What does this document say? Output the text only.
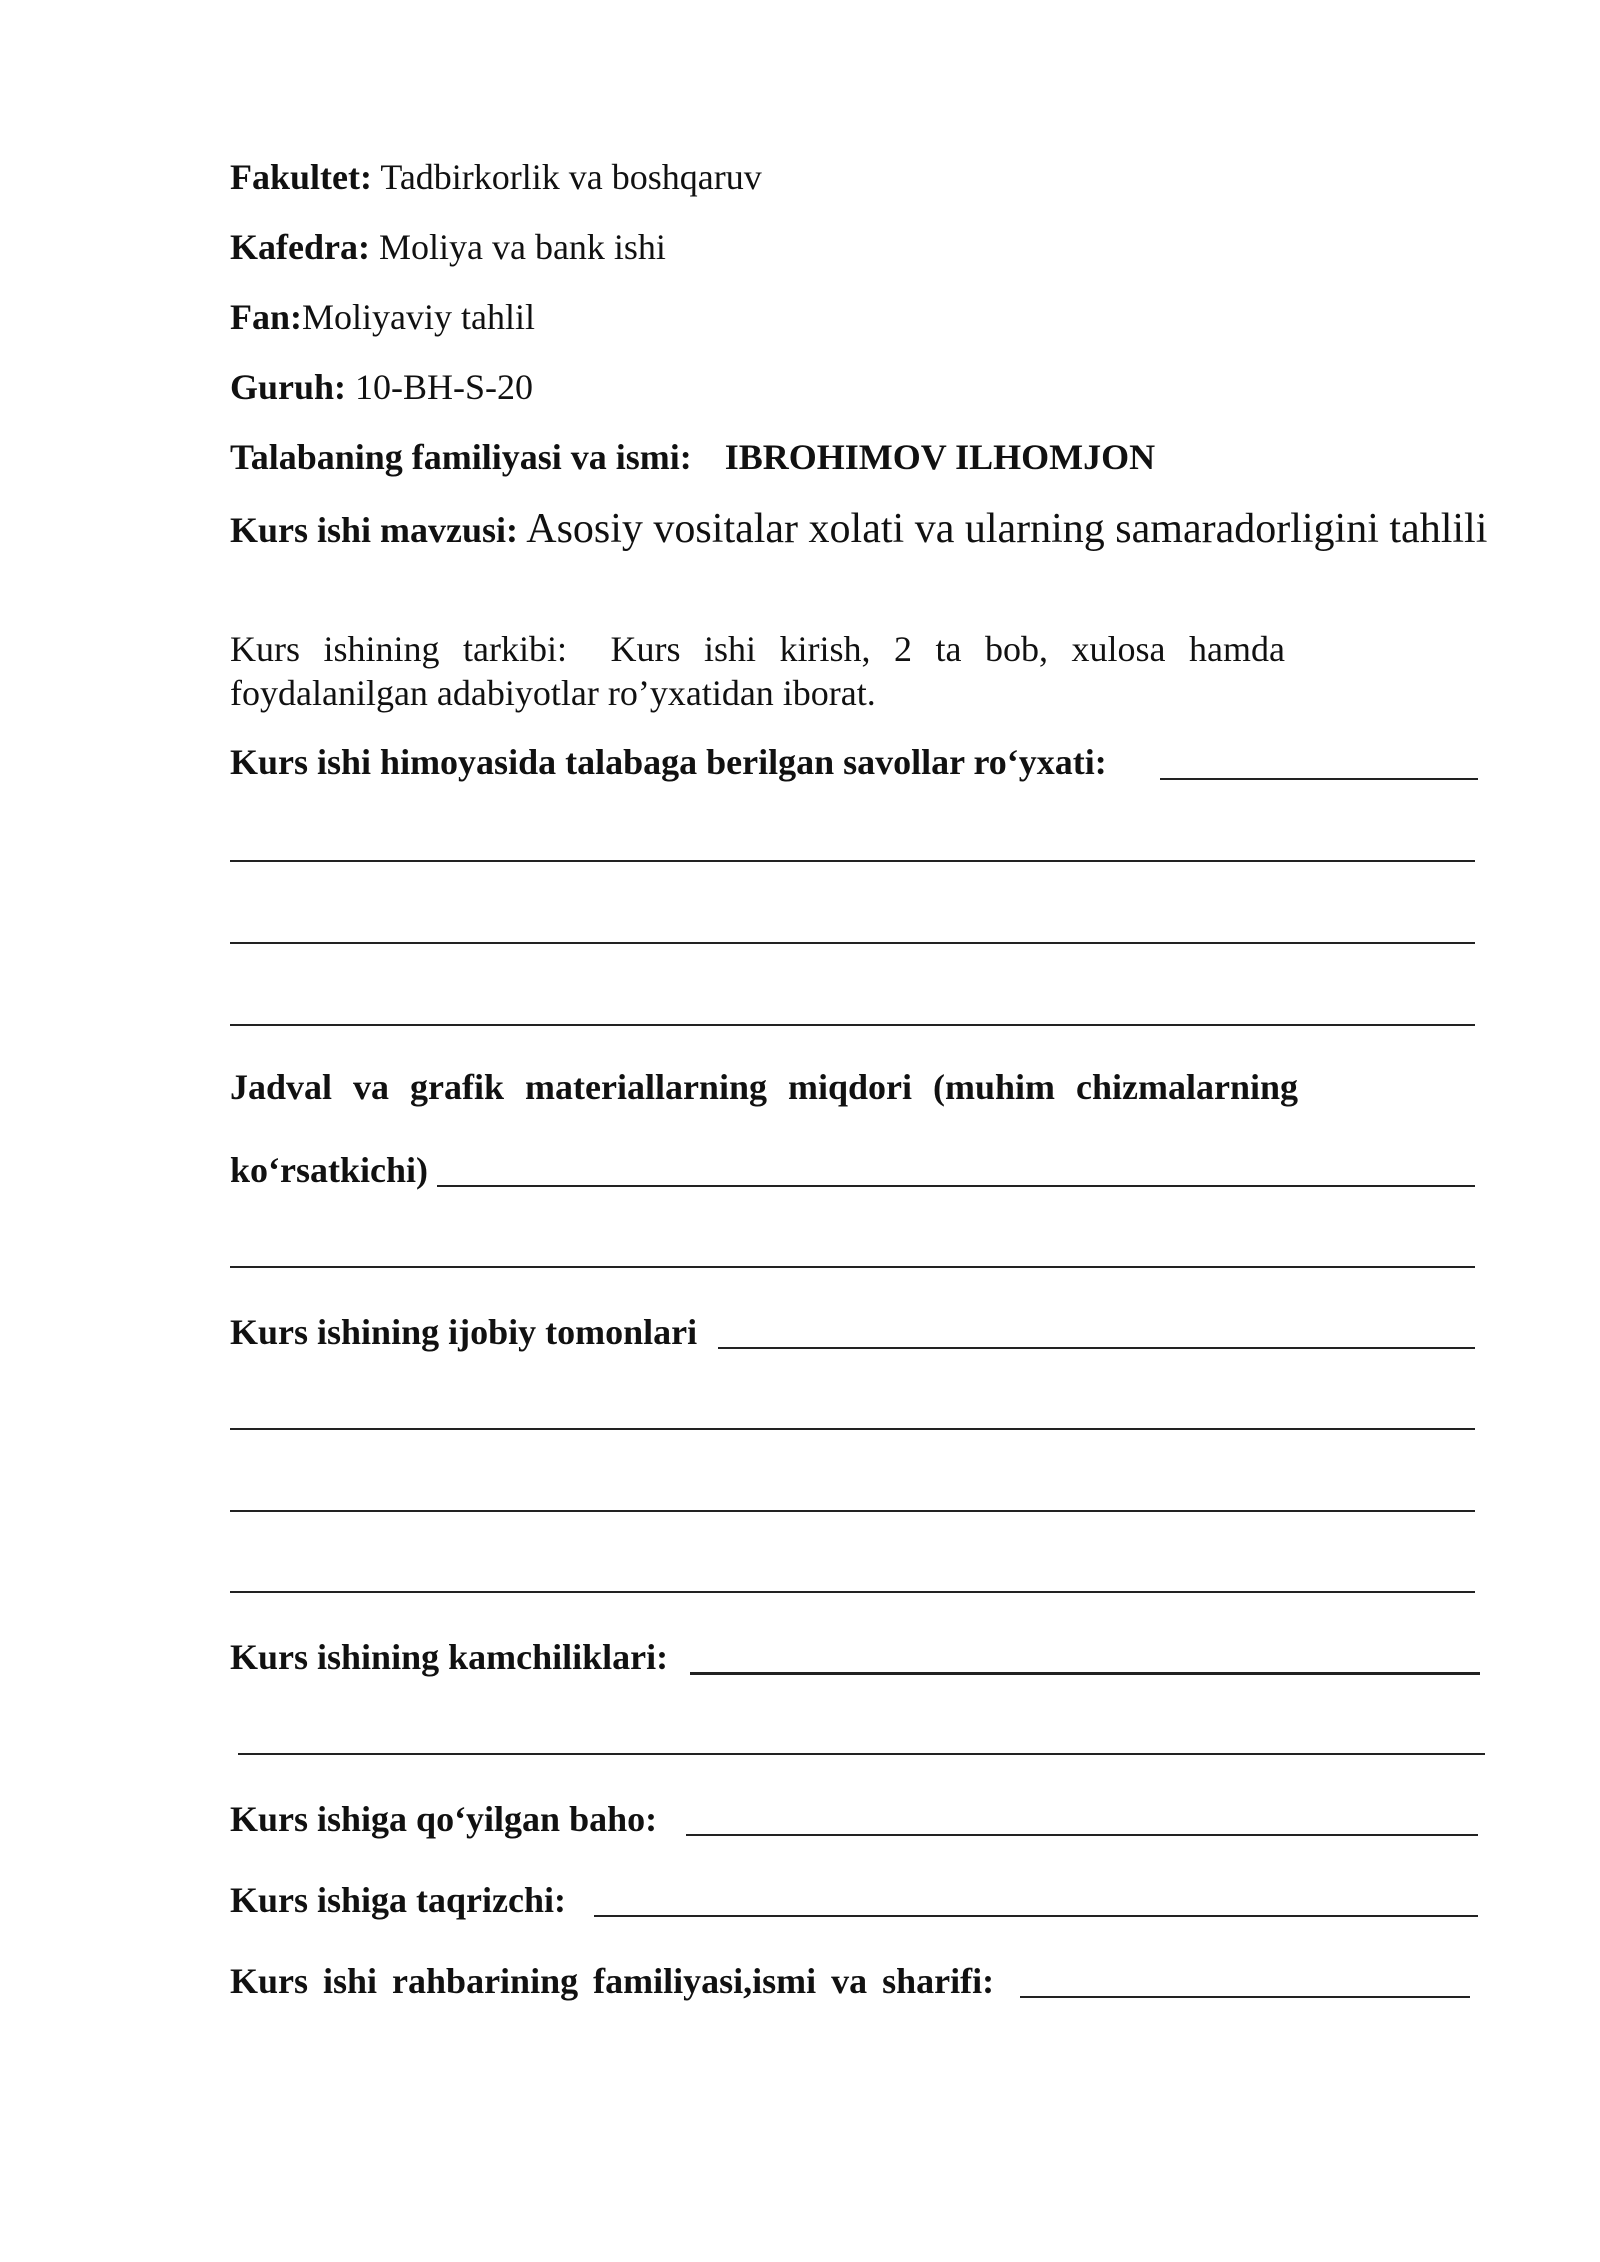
Fakultet: Tadbirkorlik va boshqaruv
Kafedra: Moliya va bank ishi
Fan:Moliyaviy tahlil
Guruh: 10-BH-S-20
Talabaning familiyasi va ismi: IBROHIMOV ILHOMJON
Kurs ishi mavzusi: Asosiy vositalar xolati va ularning samaradorligini tahlili
Kurs ishining tarkibi: Kurs ishi kirish, 2 ta bob, xulosa hamda foydalanilgan adabiyotlar ro’yxatidan iborat.
Kurs ishi himoyasida talabaga berilgan savollar ro‘yxati:
Jadval va grafik materiallarning miqdori (muhim chizmalarning
ko‘rsatkichi)
Kurs ishining ijobiy tomonlari
Kurs ishining kamchiliklari:
Kurs ishiga qo‘yilgan baho:
Kurs ishiga taqrizchi:
Kurs ishi rahbarining familiyasi,ismi va sharifi:
